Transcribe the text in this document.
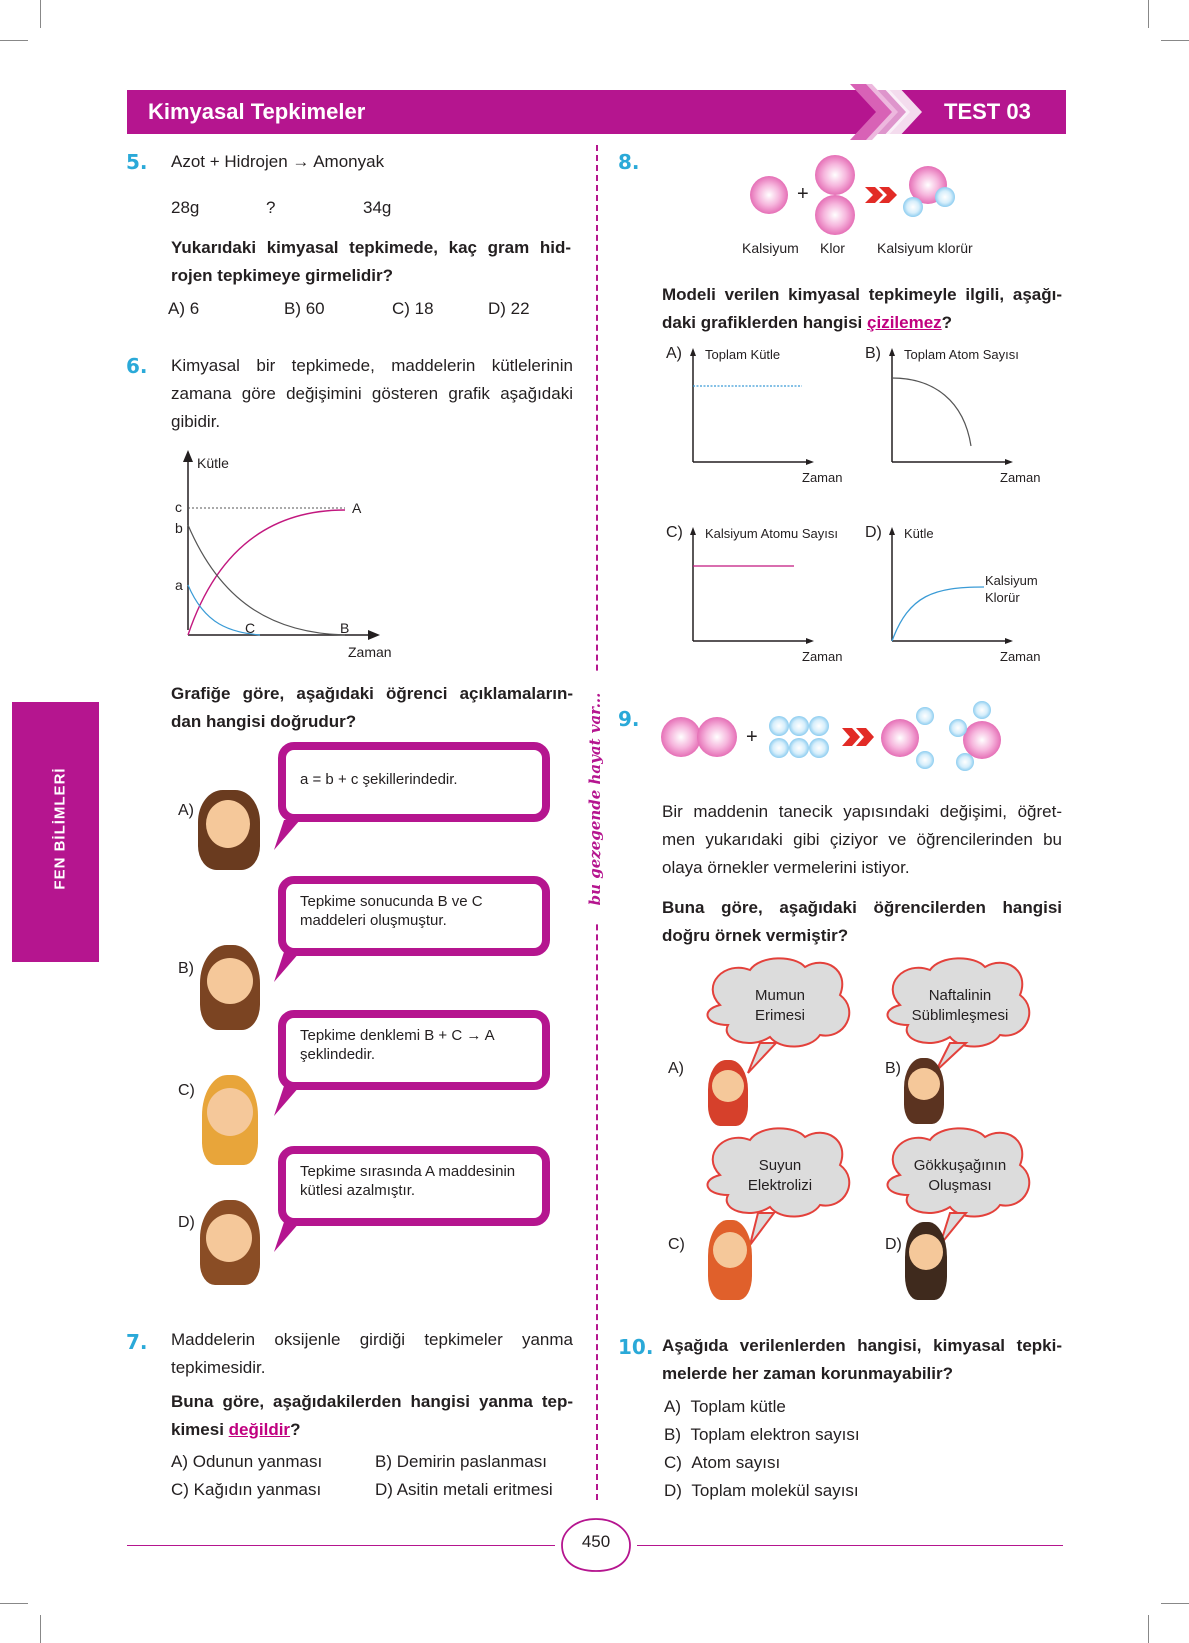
Kimyasal Tepkimeler	TEST 03
FEN BİLİMLERİ	bu gezegende hayat var...
5. Azot + Hidrojen → Amonyak
28g	?	34g
Yukarıdaki kimyasal tepkimede, kaç gram hid-rojen tepkimeye girmelidir?
A) 6	B) 60	C) 18	D) 22
6. Kimyasal bir tepkimede, maddelerin kütlelerinin zamana göre değişimini gösteren grafik aşağıdaki gibidir.
Kütle
Zaman
c
b
a
A
B
C
Grafiğe göre, aşağıdaki öğrenci açıklamaların-dan hangisi doğrudur?
A)
a = b + c şekillerindedir.
B)
Tepkime sonucunda B ve C maddeleri oluşmuştur.
C)
Tepkime denklemi B + C → A şeklindedir.
D)
Tepkime sırasında A maddesinin kütlesi azalmıştır.
7. Maddelerin oksijenle girdiği tepkimeler yanma tepkimesidir.
Buna göre, aşağıdakilerden hangisi yanma tep-kimesi değildir?
A) Odunun yanması	B) Demirin paslanması
C) Kağıdın yanması	D) Asitin metali eritmesi
8.
+
Kalsiyum Klor Kalsiyum klorür
Modeli verilen kimyasal tepkimeyle ilgili, aşağı-daki grafiklerden hangisi çizilemez?
A) Toplam Kütle
Zaman
B) Toplam Atom Sayısı
Zaman
C) Kalsiyum Atomu Sayısı
Zaman
D) Kütle
Zaman
Kalsiyum
Klorür
9.
+
Bir maddenin tanecik yapısındaki değişimi, öğret-men yukarıdaki gibi çiziyor ve öğrencilerinden bu olaya örnekler vermelerini istiyor.
Buna göre, aşağıdaki öğrencilerden hangisi doğru örnek vermiştir?
Mumun
Erimesi
Naftalinin
Süblimleşmesi
Suyun
Elektrolizi
Gökkuşağının
Oluşması
A)	B)
C)	D)
10. Aşağıda verilenlerden hangisi, kimyasal tepki-melerde her zaman korunmayabilir?
A) Toplam kütle
B) Toplam elektron sayısı
C) Atom sayısı
D) Toplam molekül sayısı
450
